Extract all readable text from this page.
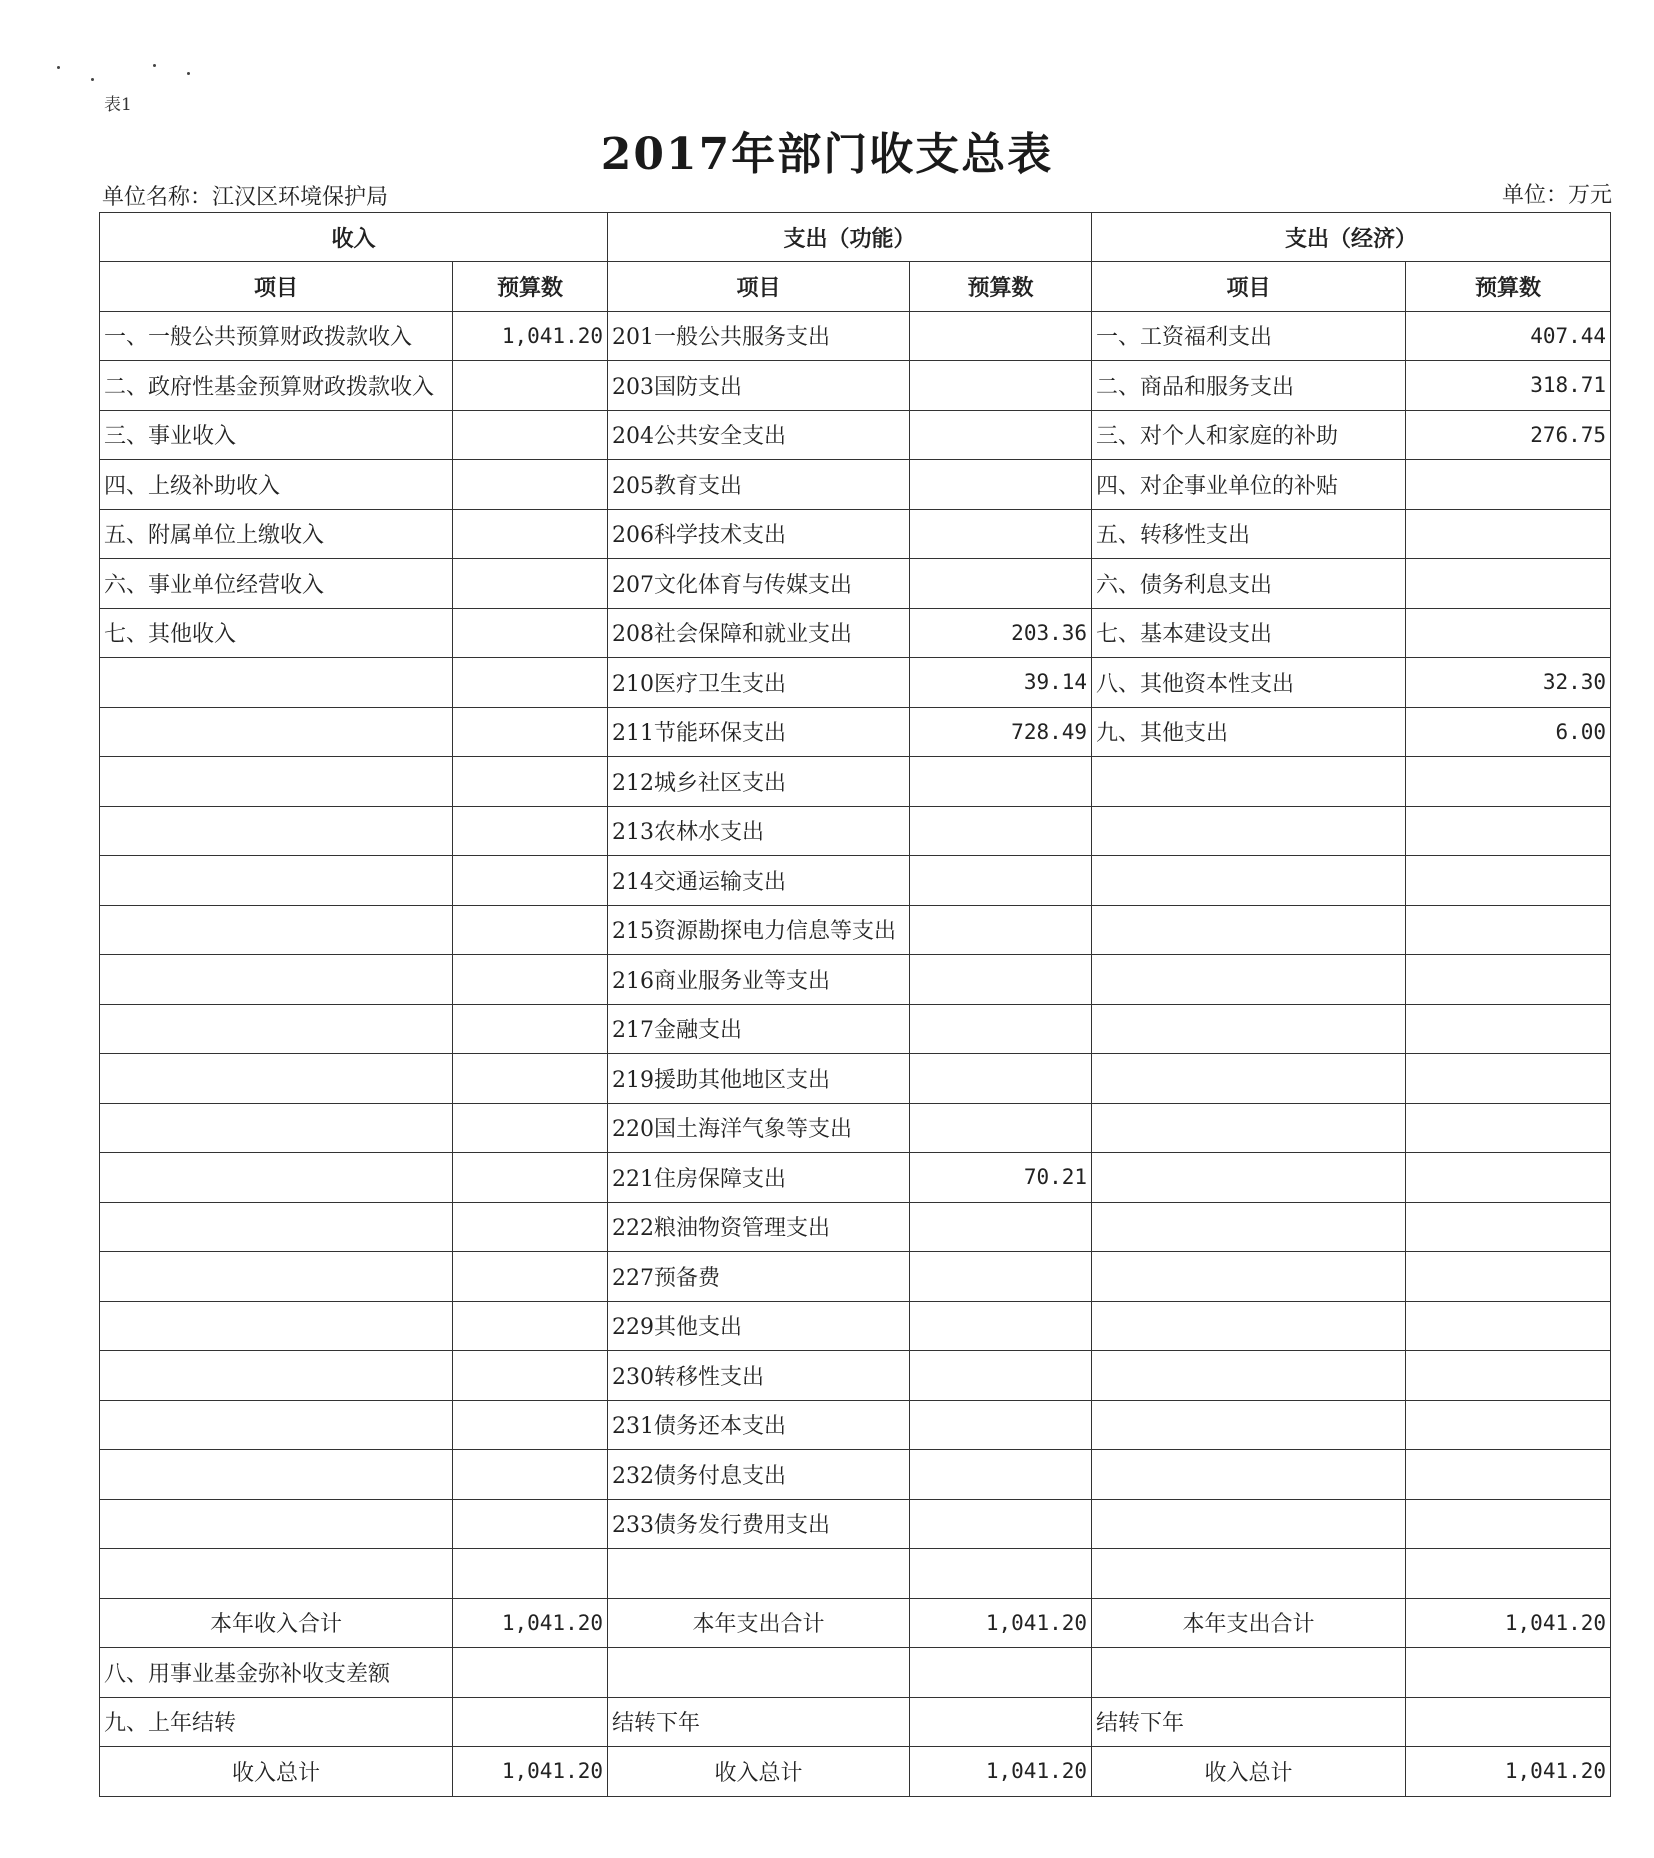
表1
2017年部门收支总表
单位名称：江汉区环境保护局	单位：万元
收入		支出（功能）		支出（经济）	
项目	预算数	项目	预算数	项目	预算数
一、一般公共预算财政拨款收入	1,041.20	201一般公共服务支出		一、工资福利支出	407.44
二、政府性基金预算财政拨款收入		203国防支出		二、商品和服务支出	318.71
三、事业收入		204公共安全支出		三、对个人和家庭的补助	276.75
四、上级补助收入		205教育支出		四、对企事业单位的补贴	
五、附属单位上缴收入		206科学技术支出		五、转移性支出	
六、事业单位经营收入		207文化体育与传媒支出		六、债务利息支出	
七、其他收入		208社会保障和就业支出	203.36	七、基本建设支出	
		210医疗卫生支出	39.14	八、其他资本性支出	32.30
		211节能环保支出	728.49	九、其他支出	6.00
		212城乡社区支出			
		213农林水支出			
		214交通运输支出			
		215资源勘探电力信息等支出			
		216商业服务业等支出			
		217金融支出			
		219援助其他地区支出			
		220国土海洋气象等支出			
		221住房保障支出	70.21		
		222粮油物资管理支出			
		227预备费			
		229其他支出			
		230转移性支出			
		231债务还本支出			
		232债务付息支出			
		233债务发行费用支出			

本年收入合计	1,041.20	本年支出合计	1,041.20	本年支出合计	1,041.20
八、用事业基金弥补收支差额					
九、上年结转		结转下年		结转下年	
收入总计	1,041.20	收入总计	1,041.20	收入总计	1,041.20
